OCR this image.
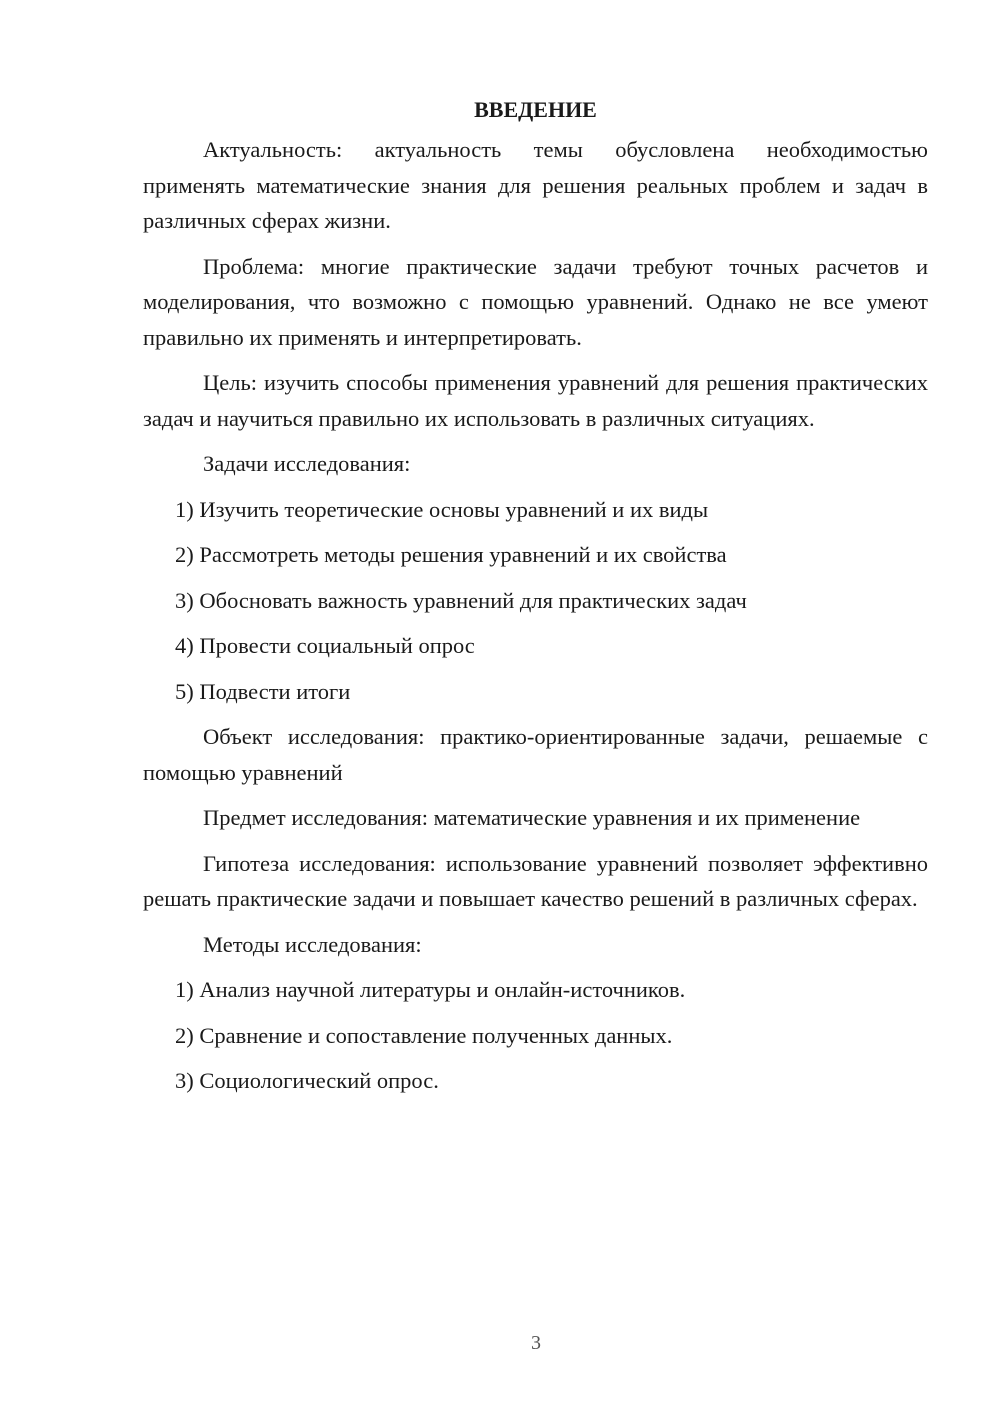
ВВЕДЕНИЕ

Актуальность: актуальность темы обусловлена необходимостью применять математические знания для решения реальных проблем и задач в различных сферах жизни.

Проблема: многие практические задачи требуют точных расчетов и моделирования, что возможно с помощью уравнений. Однако не все умеют правильно их применять и интерпретировать.

Цель: изучить способы применения уравнений для решения практических задач и научиться правильно их использовать в различных ситуациях.

Задачи исследования:

1) Изучить теоретические основы уравнений и их виды

2) Рассмотреть методы решения уравнений и их свойства

3) Обосновать важность уравнений для практических задач

4) Провести социальный опрос

5) Подвести итоги

Объект исследования: практико-ориентированные задачи, решаемые с помощью уравнений

Предмет исследования: математические уравнения и их применение

Гипотеза исследования: использование уравнений позволяет эффективно решать практические задачи и повышает качество решений в различных сферах.

Методы исследования:

1) Анализ научной литературы и онлайн-источников.

2) Сравнение и сопоставление полученных данных.

3) Социологический опрос.

3
